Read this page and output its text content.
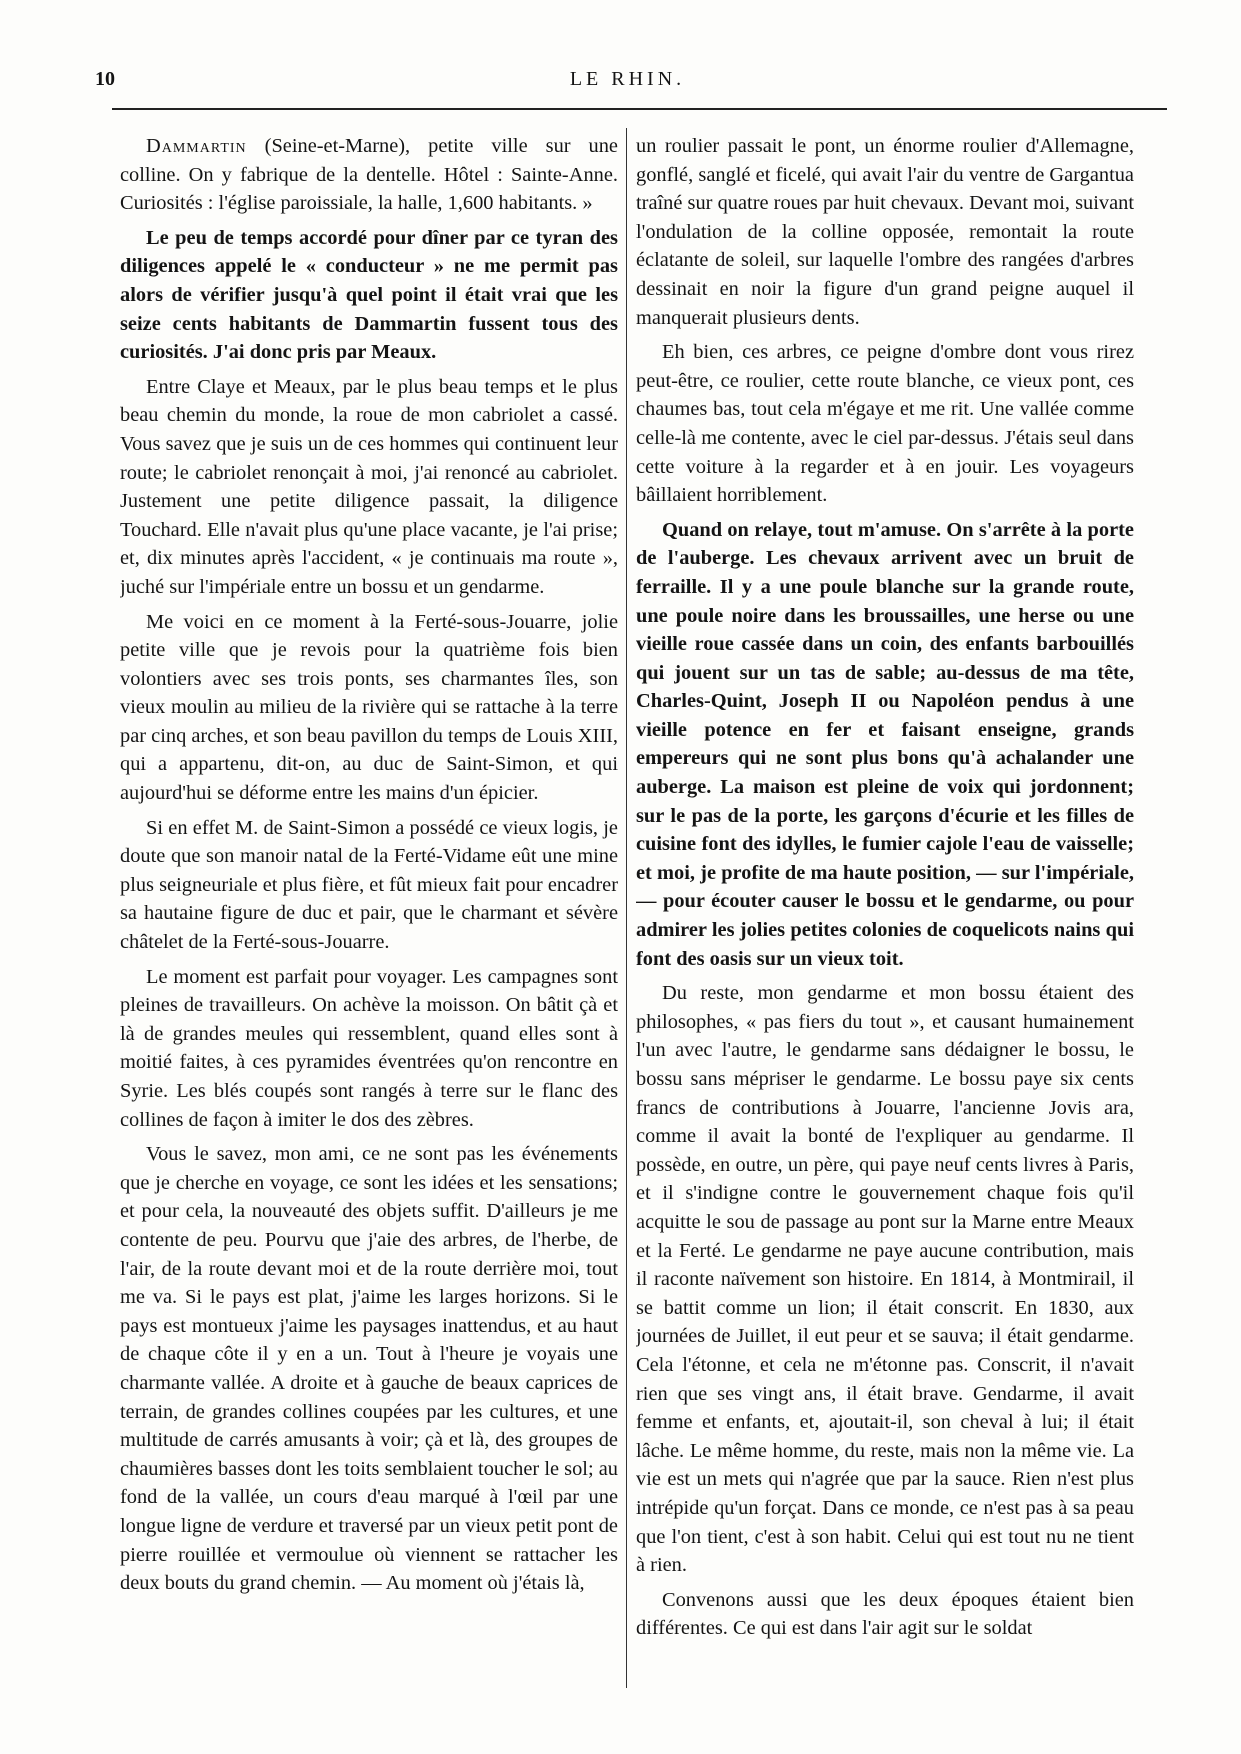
10	LE RHIN.

Dammartin (Seine-et-Marne), petite ville sur une colline. On y fabrique de la dentelle. Hôtel : Sainte-Anne. Curiosités : l'église paroissiale, la halle, 1,600 habitants. »

Le peu de temps accordé pour dîner par ce tyran des diligences appelé le « conducteur » ne me permit pas alors de vérifier jusqu'à quel point il était vrai que les seize cents habitants de Dammartin fussent tous des curiosités. J'ai donc pris par Meaux.

Entre Claye et Meaux, par le plus beau temps et le plus beau chemin du monde, la roue de mon cabriolet a cassé. Vous savez que je suis un de ces hommes qui continuent leur route; le cabriolet renonçait à moi, j'ai renoncé au cabriolet. Justement une petite diligence passait, la diligence Touchard. Elle n'avait plus qu'une place vacante, je l'ai prise; et, dix minutes après l'accident, « je continuais ma route », juché sur l'impériale entre un bossu et un gendarme.

Me voici en ce moment à la Ferté-sous-Jouarre, jolie petite ville que je revois pour la quatrième fois bien volontiers avec ses trois ponts, ses charmantes îles, son vieux moulin au milieu de la rivière qui se rattache à la terre par cinq arches, et son beau pavillon du temps de Louis XIII, qui a appartenu, dit-on, au duc de Saint-Simon, et qui aujourd'hui se déforme entre les mains d'un épicier.

Si en effet M. de Saint-Simon a possédé ce vieux logis, je doute que son manoir natal de la Ferté-Vidame eût une mine plus seigneuriale et plus fière, et fût mieux fait pour encadrer sa hautaine figure de duc et pair, que le charmant et sévère châtelet de la Ferté-sous-Jouarre.

Le moment est parfait pour voyager. Les campagnes sont pleines de travailleurs. On achève la moisson. On bâtit çà et là de grandes meules qui ressemblent, quand elles sont à moitié faites, à ces pyramides éventrées qu'on rencontre en Syrie. Les blés coupés sont rangés à terre sur le flanc des collines de façon à imiter le dos des zèbres.

Vous le savez, mon ami, ce ne sont pas les événements que je cherche en voyage, ce sont les idées et les sensations; et pour cela, la nouveauté des objets suffit. D'ailleurs je me contente de peu. Pourvu que j'aie des arbres, de l'herbe, de l'air, de la route devant moi et de la route derrière moi, tout me va. Si le pays est plat, j'aime les larges horizons. Si le pays est montueux j'aime les paysages inattendus, et au haut de chaque côte il y en a un. Tout à l'heure je voyais une charmante vallée. A droite et à gauche de beaux caprices de terrain, de grandes collines coupées par les cultures, et une multitude de carrés amusants à voir; çà et là, des groupes de chaumières basses dont les toits semblaient toucher le sol; au fond de la vallée, un cours d'eau marqué à l'œil par une longue ligne de verdure et traversé par un vieux petit pont de pierre rouillée et vermoulue où viennent se rattacher les deux bouts du grand chemin. — Au moment où j'étais là,

un roulier passait le pont, un énorme roulier d'Allemagne, gonflé, sanglé et ficelé, qui avait l'air du ventre de Gargantua traîné sur quatre roues par huit chevaux. Devant moi, suivant l'ondulation de la colline opposée, remontait la route éclatante de soleil, sur laquelle l'ombre des rangées d'arbres dessinait en noir la figure d'un grand peigne auquel il manquerait plusieurs dents.

Eh bien, ces arbres, ce peigne d'ombre dont vous rirez peut-être, ce roulier, cette route blanche, ce vieux pont, ces chaumes bas, tout cela m'égaye et me rit. Une vallée comme celle-là me contente, avec le ciel par-dessus. J'étais seul dans cette voiture à la regarder et à en jouir. Les voyageurs bâillaient horriblement.

Quand on relaye, tout m'amuse. On s'arrête à la porte de l'auberge. Les chevaux arrivent avec un bruit de ferraille. Il y a une poule blanche sur la grande route, une poule noire dans les broussailles, une herse ou une vieille roue cassée dans un coin, des enfants barbouillés qui jouent sur un tas de sable; au-dessus de ma tête, Charles-Quint, Joseph II ou Napoléon pendus à une vieille potence en fer et faisant enseigne, grands empereurs qui ne sont plus bons qu'à achalander une auberge. La maison est pleine de voix qui jordonnent; sur le pas de la porte, les garçons d'écurie et les filles de cuisine font des idylles, le fumier cajole l'eau de vaisselle; et moi, je profite de ma haute position, — sur l'impériale, — pour écouter causer le bossu et le gendarme, ou pour admirer les jolies petites colonies de coquelicots nains qui font des oasis sur un vieux toit.

Du reste, mon gendarme et mon bossu étaient des philosophes, « pas fiers du tout », et causant humainement l'un avec l'autre, le gendarme sans dédaigner le bossu, le bossu sans mépriser le gendarme. Le bossu paye six cents francs de contributions à Jouarre, l'ancienne Jovis ara, comme il avait la bonté de l'expliquer au gendarme. Il possède, en outre, un père, qui paye neuf cents livres à Paris, et il s'indigne contre le gouvernement chaque fois qu'il acquitte le sou de passage au pont sur la Marne entre Meaux et la Ferté. Le gendarme ne paye aucune contribution, mais il raconte naïvement son histoire. En 1814, à Montmirail, il se battit comme un lion; il était conscrit. En 1830, aux journées de Juillet, il eut peur et se sauva; il était gendarme. Cela l'étonne, et cela ne m'étonne pas. Conscrit, il n'avait rien que ses vingt ans, il était brave. Gendarme, il avait femme et enfants, et, ajoutait-il, son cheval à lui; il était lâche. Le même homme, du reste, mais non la même vie. La vie est un mets qui n'agrée que par la sauce. Rien n'est plus intrépide qu'un forçat. Dans ce monde, ce n'est pas à sa peau que l'on tient, c'est à son habit. Celui qui est tout nu ne tient à rien.

Convenons aussi que les deux époques étaient bien différentes. Ce qui est dans l'air agit sur le soldat
